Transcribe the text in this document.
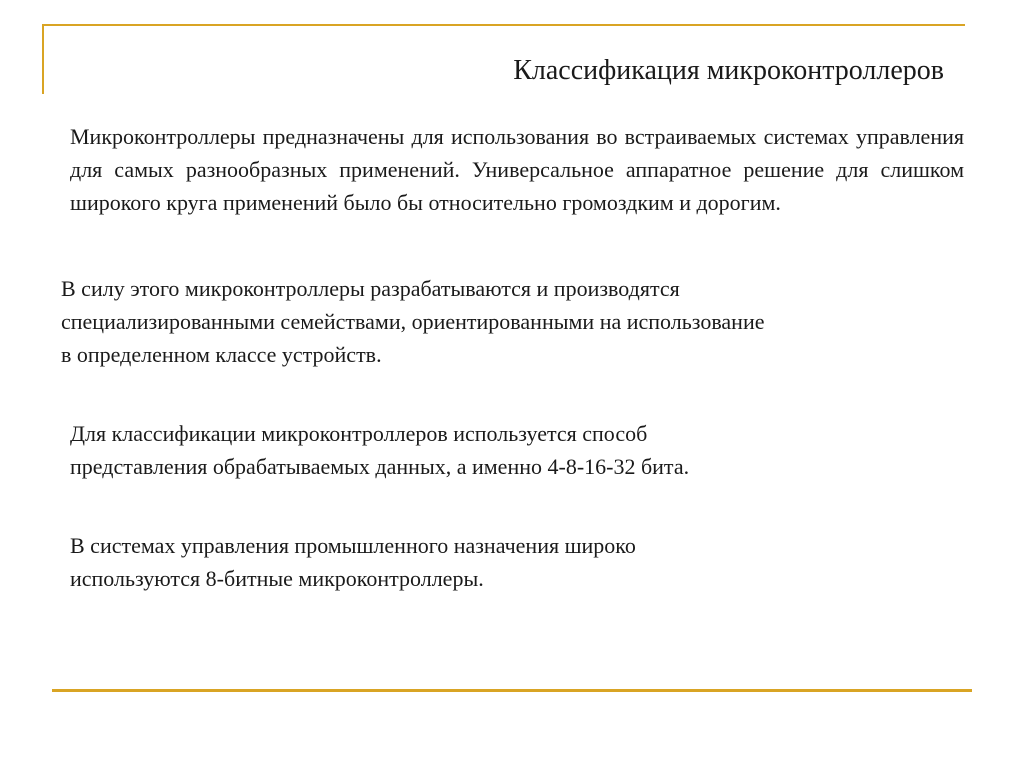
Классификация микроконтроллеров

Микроконтроллеры предназначены для использования во встраиваемых системах управления для самых разнообразных применений. Универсальное аппаратное решение для слишком широкого круга применений было бы относительно громоздким и дорогим.

В силу этого микроконтроллеры разрабатываются и производятся
специализированными семействами, ориентированными на использование
в определенном классе устройств.

Для классификации микроконтроллеров используется способ
представления обрабатываемых данных, а именно 4-8-16-32 бита.

В системах управления промышленного назначения широко
используются 8-битные микроконтроллеры.
